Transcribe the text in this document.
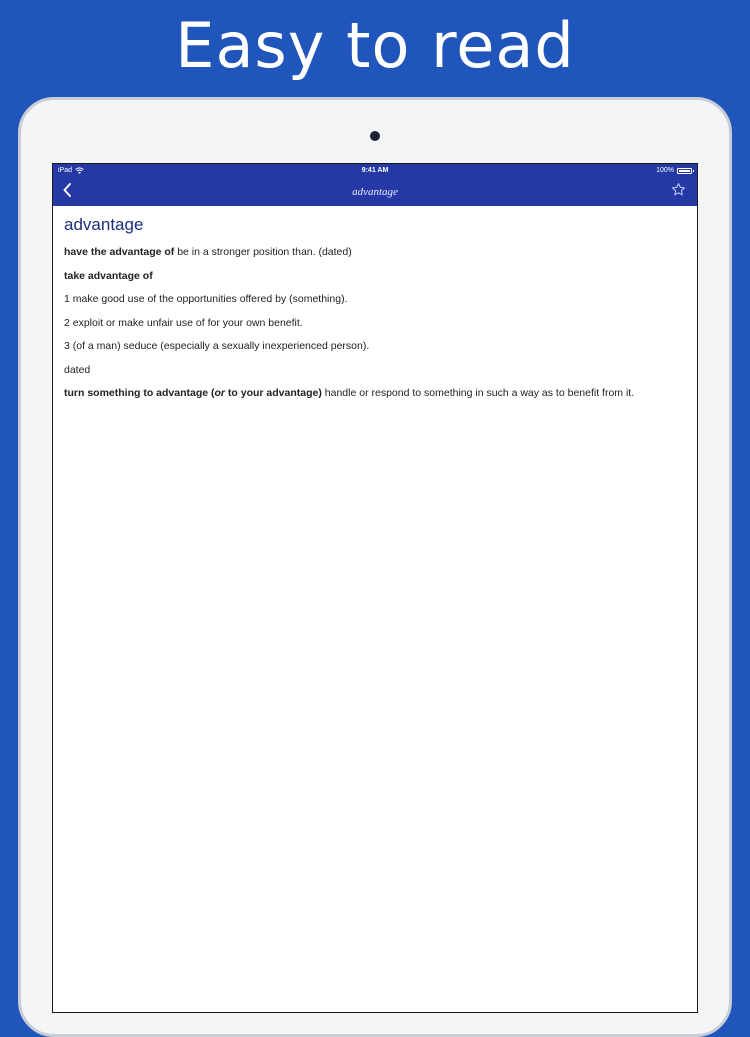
Easy to read
iPad	9:41 AM	100%
advantage
advantage
have the advantage of be in a stronger position than. (dated)
take advantage of
1 make good use of the opportunities offered by (something).
2 exploit or make unfair use of for your own benefit.
3 (of a man) seduce (especially a sexually inexperienced person).
dated
turn something to advantage (or to your advantage) handle or respond to something in such a way as to benefit from it.
